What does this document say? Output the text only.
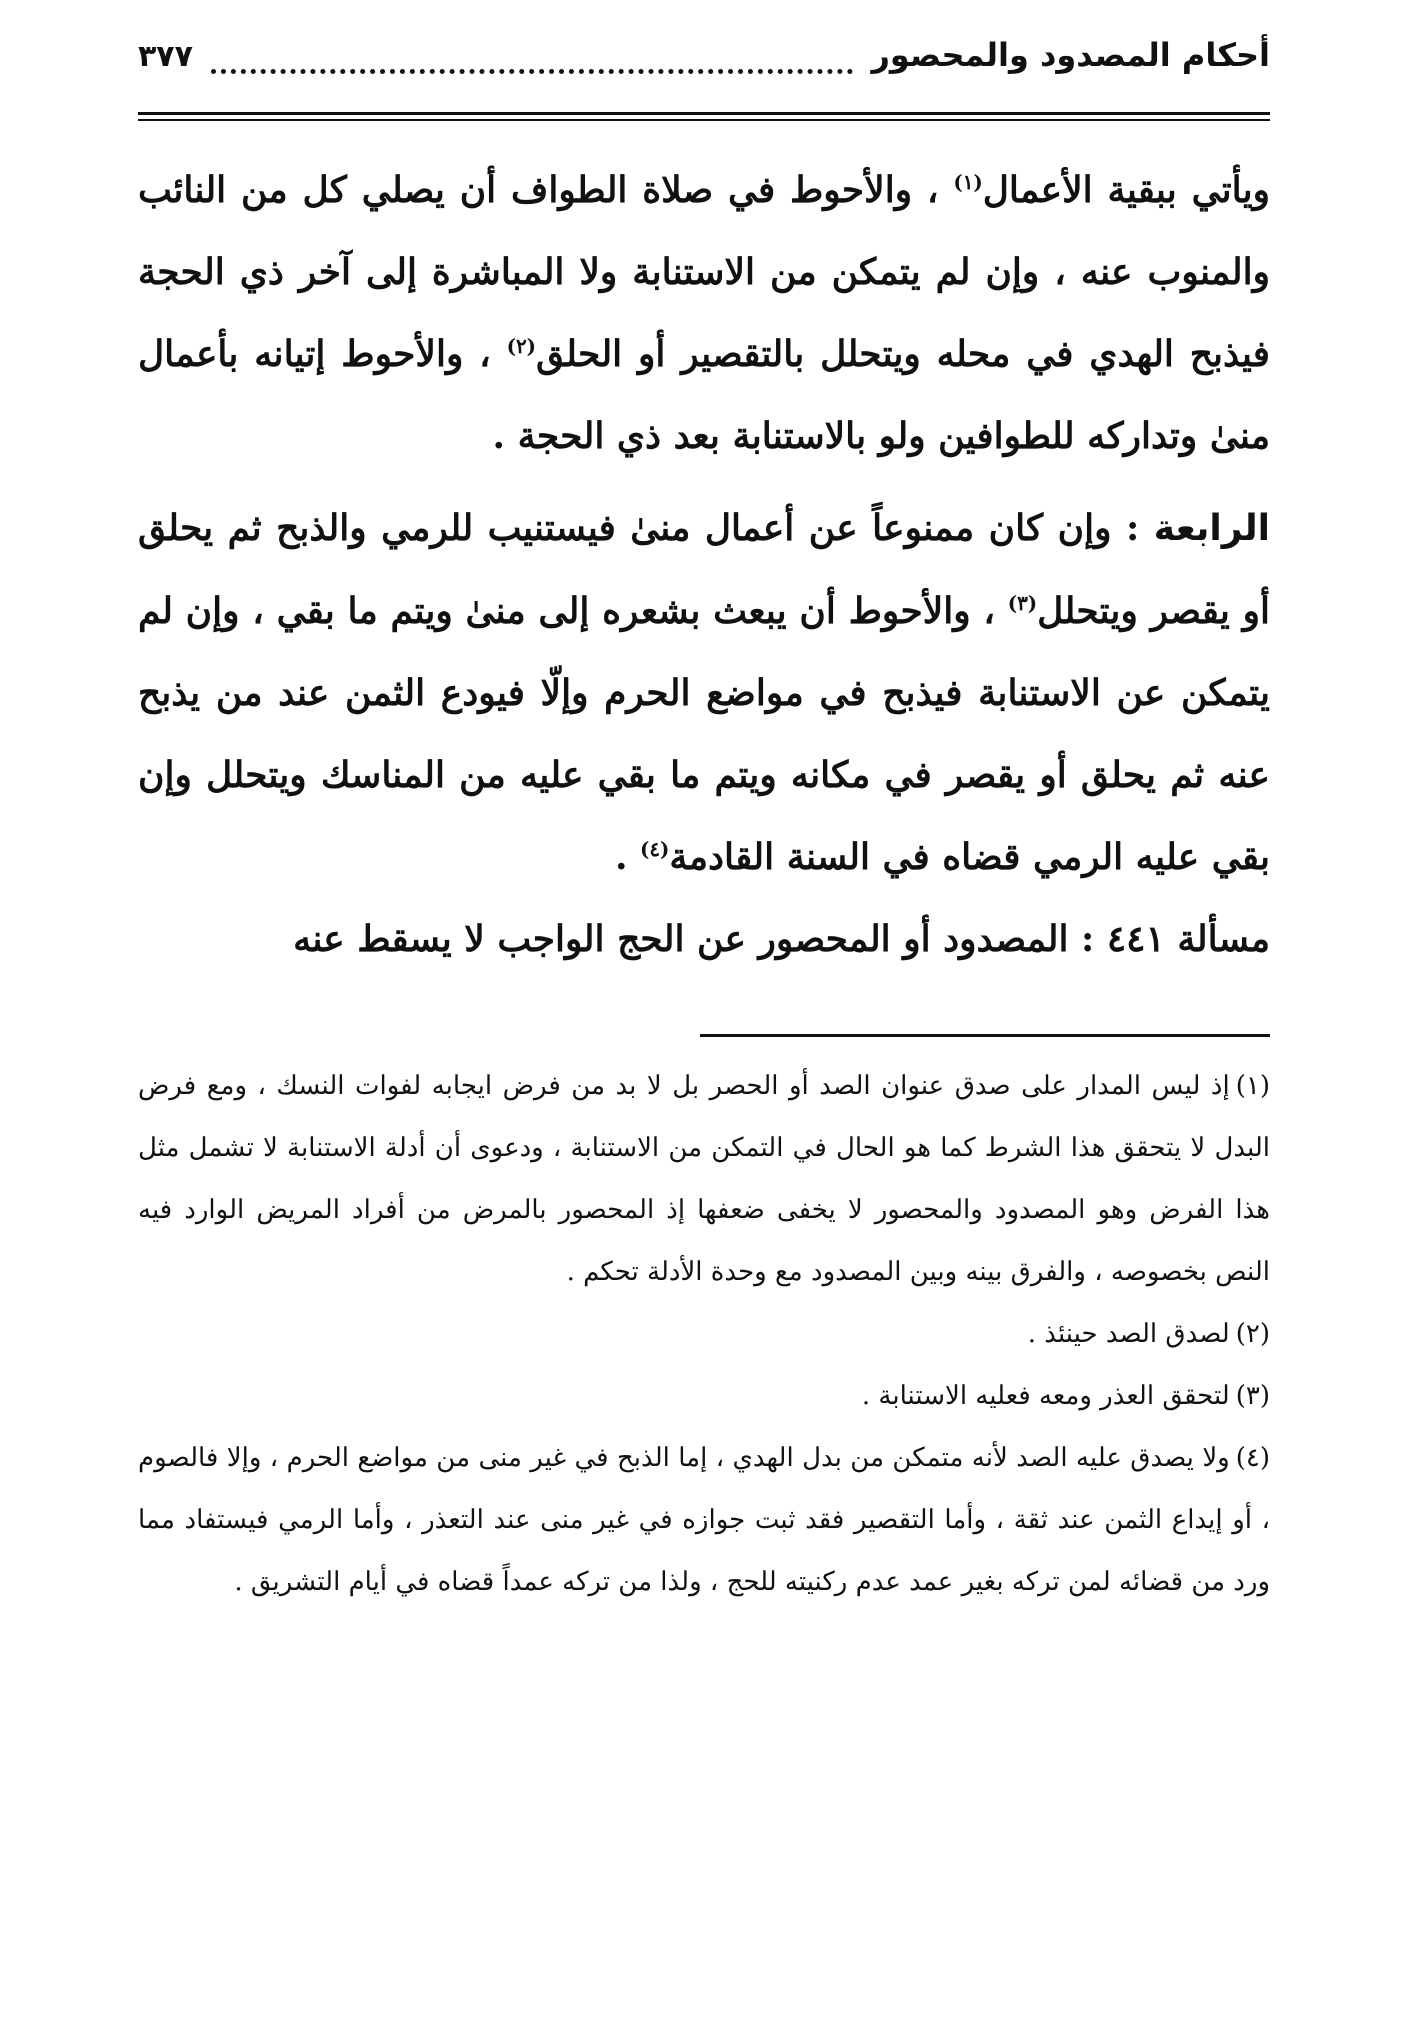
أحكام المصدود والمحصور
٣٧٧

ويأتي ببقية الأعمال$^{(١)}$ ، والأحوط في صلاة الطواف أن يصلي كل من النائب والمنوب عنه ، وإن لم يتمكن من الاستنابة ولا المباشرة إلى آخر ذي الحجة فيذبح الهدي في محله ويتحلل بالتقصير أو الحلق$^{(٢)}$ ، والأحوط إتيانه بأعمال منىٰ وتداركه للطوافين ولو بالاستنابة بعد ذي الحجة .

الرابعة : وإن كان ممنوعاً عن أعمال منىٰ فيستنيب للرمي والذبح ثم يحلق أو يقصر ويتحلل$^{(٣)}$ ، والأحوط أن يبعث بشعره إلى منىٰ ويتم ما بقي ، وإن لم يتمكن عن الاستنابة فيذبح في مواضع الحرم وإلّا فيودع الثمن عند من يذبح عنه ثم يحلق أو يقصر في مكانه ويتم ما بقي عليه من المناسك ويتحلل وإن بقي عليه الرمي قضاه في السنة القادمة$^{(٤)}$ .

مسألة ٤٤١ : المصدود أو المحصور عن الحج الواجب لا يسقط عنه

(١)إذ ليس المدار على صدق عنوان الصد أو الحصر بل لا بد من فرض ايجابه لفوات النسك ، ومع فرض البدل لا يتحقق هذا الشرط كما هو الحال في التمكن من الاستنابة ، ودعوى أن أدلة الاستنابة لا تشمل مثل هذا الفرض وهو المصدود والمحصور لا يخفى ضعفها إذ المحصور بالمرض من أفراد المريض الوارد فيه النص بخصوصه ، والفرق بينه وبين المصدود مع وحدة الأدلة تحكم .

(٢)لصدق الصد حينئذ .

(٣)لتحقق العذر ومعه فعليه الاستنابة .

(٤)ولا يصدق عليه الصد لأنه متمكن من بدل الهدي ، إما الذبح في غير منى من مواضع الحرم ، وإلا فالصوم ، أو إيداع الثمن عند ثقة ، وأما التقصير فقد ثبت جوازه في غير منى عند التعذر ، وأما الرمي فيستفاد مما ورد من قضائه لمن تركه بغير عمد عدم ركنيته للحج ، ولذا من تركه عمداً قضاه في أيام التشريق .
